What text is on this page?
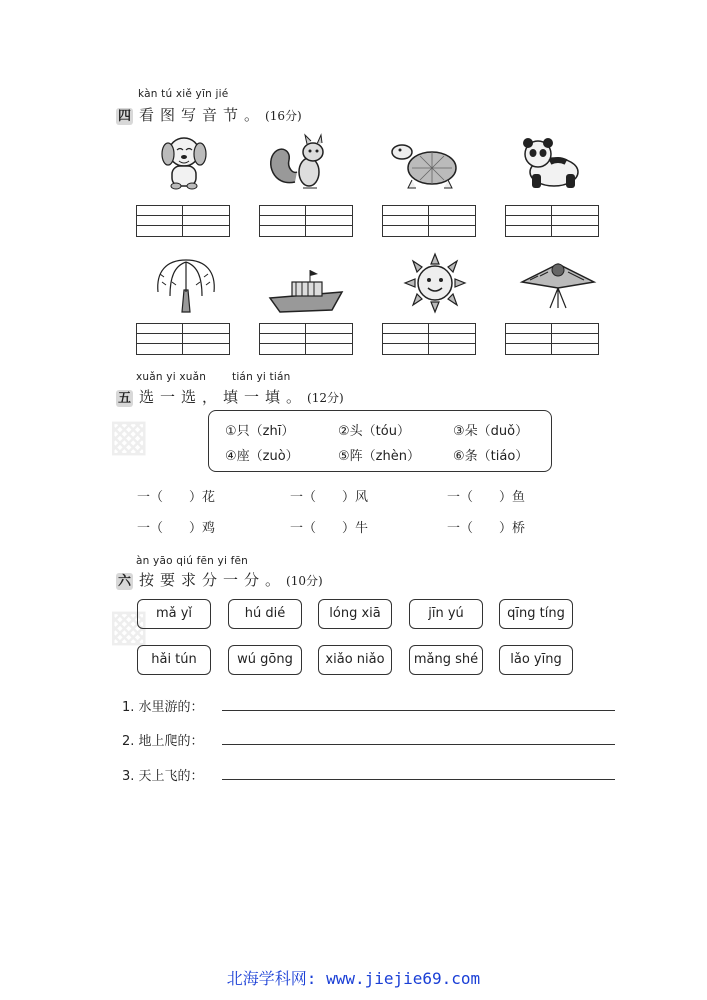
▩
▩
kàn tú xiě yīn jié
四 看图写音节。(16分)
xuǎn yi xuǎn tián yi tián
五 选一选，填一填。(12分)
①只（zhī）	②头（tóu）	③朵（duǒ）
④座（zuò）	⑤阵（zhèn）	⑥条（tiáo）
一（　　）花	一（　　）风	一（　　）鱼
一（　　）鸡	一（　　）牛	一（　　）桥
àn yāo qiú fēn yi fēn
六 按要求分一分。(10分)
mǎ yǐ	hú dié	lóng xiā	jīn yú	qīng tíng
hǎi tún	wú gōng	xiǎo niǎo	mǎng shé	lǎo yīng
1. 水里游的：
2. 地上爬的：
3. 天上飞的：
北海学科网: www.jiejie69.com
